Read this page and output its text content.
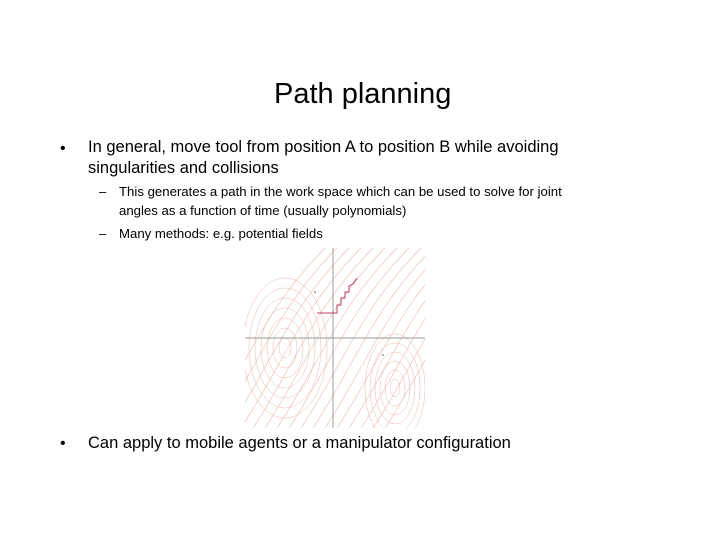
Path planning
• In general, move tool from position A to position B while avoiding
singularities and collisions
– This generates a path in the work space which can be used to solve for joint
angles as a function of time (usually polynomials)
– Many methods: e.g. potential fields
• Can apply to mobile agents or a manipulator configuration
